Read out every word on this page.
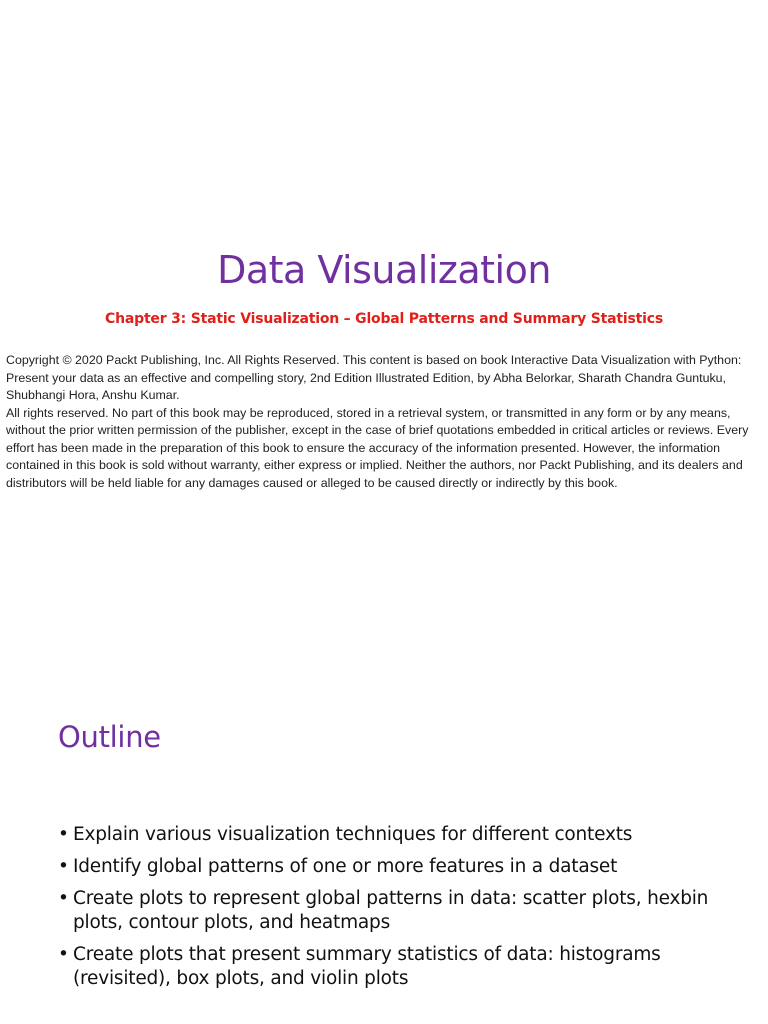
Data Visualization
Chapter 3: Static Visualization – Global Patterns and Summary Statistics

Copyright © 2020 Packt Publishing, Inc. All Rights Reserved. This content is based on book Interactive Data Visualization with Python: Present your data as an effective and compelling story, 2nd Edition Illustrated Edition, by Abha Belorkar, Sharath Chandra Guntuku, Shubhangi Hora, Anshu Kumar.

All rights reserved. No part of this book may be reproduced, stored in a retrieval system, or transmitted in any form or by any means, without the prior written permission of the publisher, except in the case of brief quotations embedded in critical articles or reviews. Every effort has been made in the preparation of this book to ensure the accuracy of the information presented. However, the information contained in this book is sold without warranty, either express or implied. Neither the authors, nor Packt Publishing, and its dealers and distributors will be held liable for any damages caused or alleged to be caused directly or indirectly by this book.

Outline
• Explain various visualization techniques for different contexts
• Identify global patterns of one or more features in a dataset
• Create plots to represent global patterns in data: scatter plots, hexbin plots, contour plots, and heatmaps
• Create plots that present summary statistics of data: histograms (revisited), box plots, and violin plots
